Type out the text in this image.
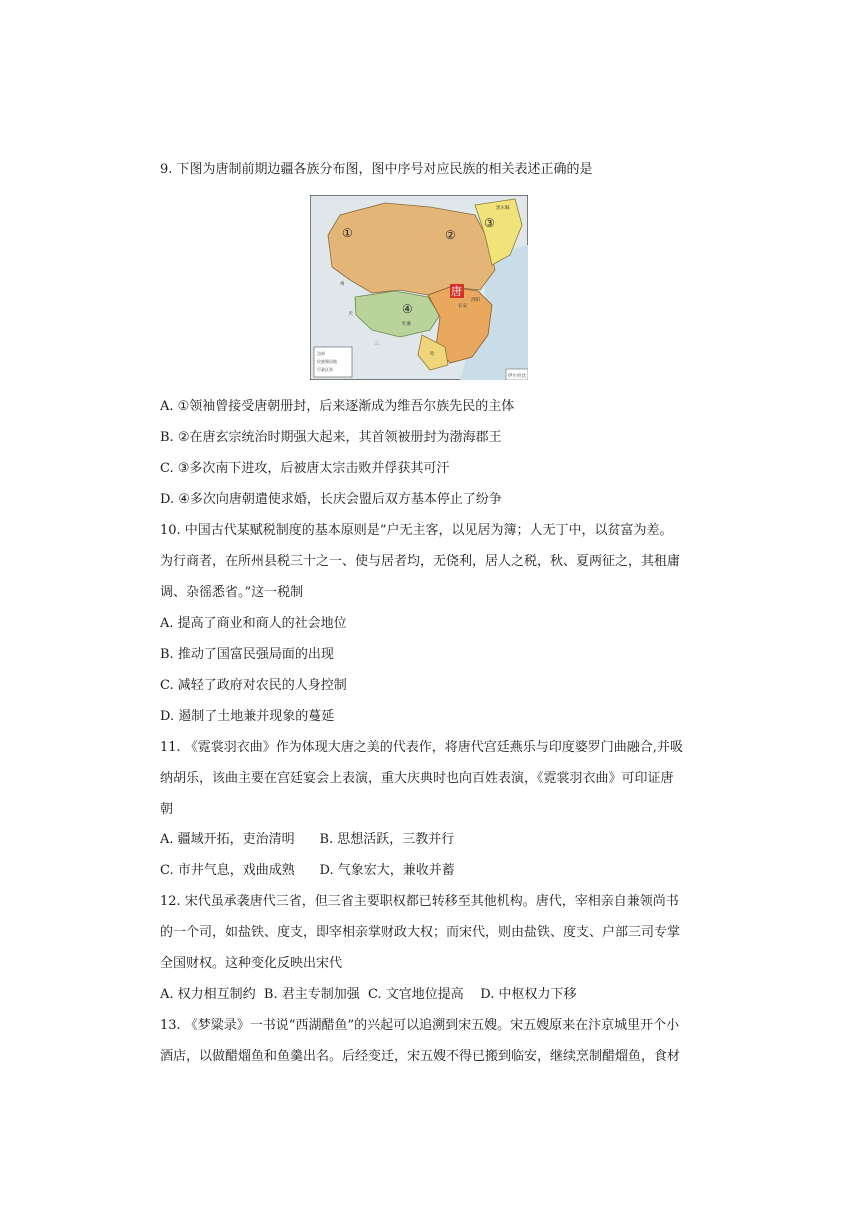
9. 下图为唐制前期边疆各族分布图，图中序号对应民族的相关表述正确的是
边界
民族聚居地
行政区界
伊尔拉比
①	②
③
④
唐
黑水靺
长安
洛阳
天
三
吐蕃
哈
州
A. ①领袖曾接受唐朝册封，后来逐渐成为维吾尔族先民的主体
B. ②在唐玄宗统治时期强大起来，其首领被册封为渤海郡王
C. ③多次南下进攻，后被唐太宗击败并俘获其可汗
D. ④多次向唐朝遣使求婚，长庆会盟后双方基本停止了纷争
10. 中国古代某赋税制度的基本原则是“户无主客，以见居为簿；人无丁中，以贫富为差。
为行商者，在所州县税三十之一、使与居者均，无侥利，居人之税，秋、夏两征之，其租庸
调、杂徭悉省。”这一税制
A. 提高了商业和商人的社会地位
B. 推动了国富民强局面的出现
C. 减轻了政府对农民的人身控制
D. 遏制了土地兼并现象的蔓延
11. 《霓裳羽衣曲》作为体现大唐之美的代表作，将唐代宫廷燕乐与印度婆罗门曲融合,并吸
纳胡乐，该曲主要在宫廷宴会上表演，重大庆典时也向百姓表演，《霓裳羽衣曲》可印证唐
朝
A. 疆域开拓，吏治清明      B. 思想活跃，三教并行
C. 市井气息，戏曲成熟      D. 气象宏大，兼收并蓄
12. 宋代虽承袭唐代三省，但三省主要职权都已转移至其他机构。唐代，宰相亲自兼领尚书
的一个司，如盐铁、度支，即宰相亲掌财政大权；而宋代，则由盐铁、度支、户部三司专掌
全国财权。这种变化反映出宋代
A. 权力相互制约  B. 君主专制加强  C. 文官地位提高    D. 中枢权力下移
13. 《梦粱录》一书说“西湖醋鱼”的兴起可以追溯到宋五嫂。宋五嫂原来在汴京城里开个小
酒店，以做醋熘鱼和鱼羹出名。后经变迁，宋五嫂不得已搬到临安，继续烹制醋熘鱼，食材
